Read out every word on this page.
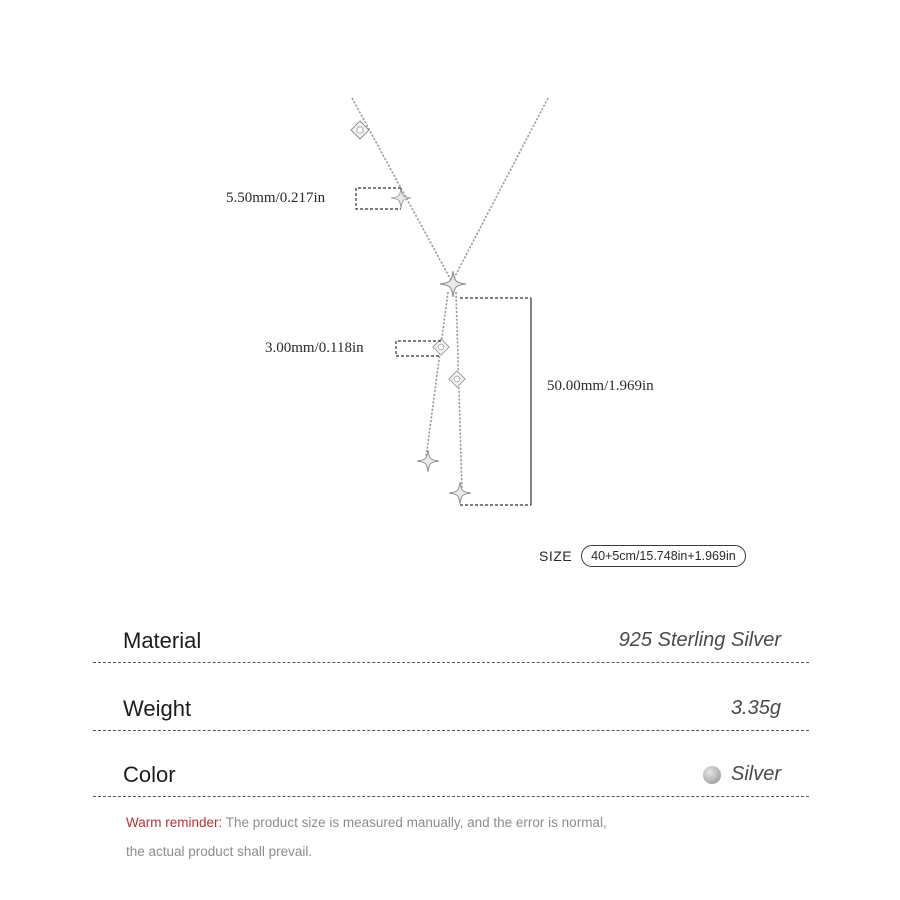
5.50mm/0.217in
3.00mm/0.118in
50.00mm/1.969in
SIZE	40+5cm/15.748in+1.969in
Material	925 Sterling Silver
Weight	3.35g
Color	Silver
Warm reminder: The product size is measured manually, and the error is normal,
the actual product shall prevail.
